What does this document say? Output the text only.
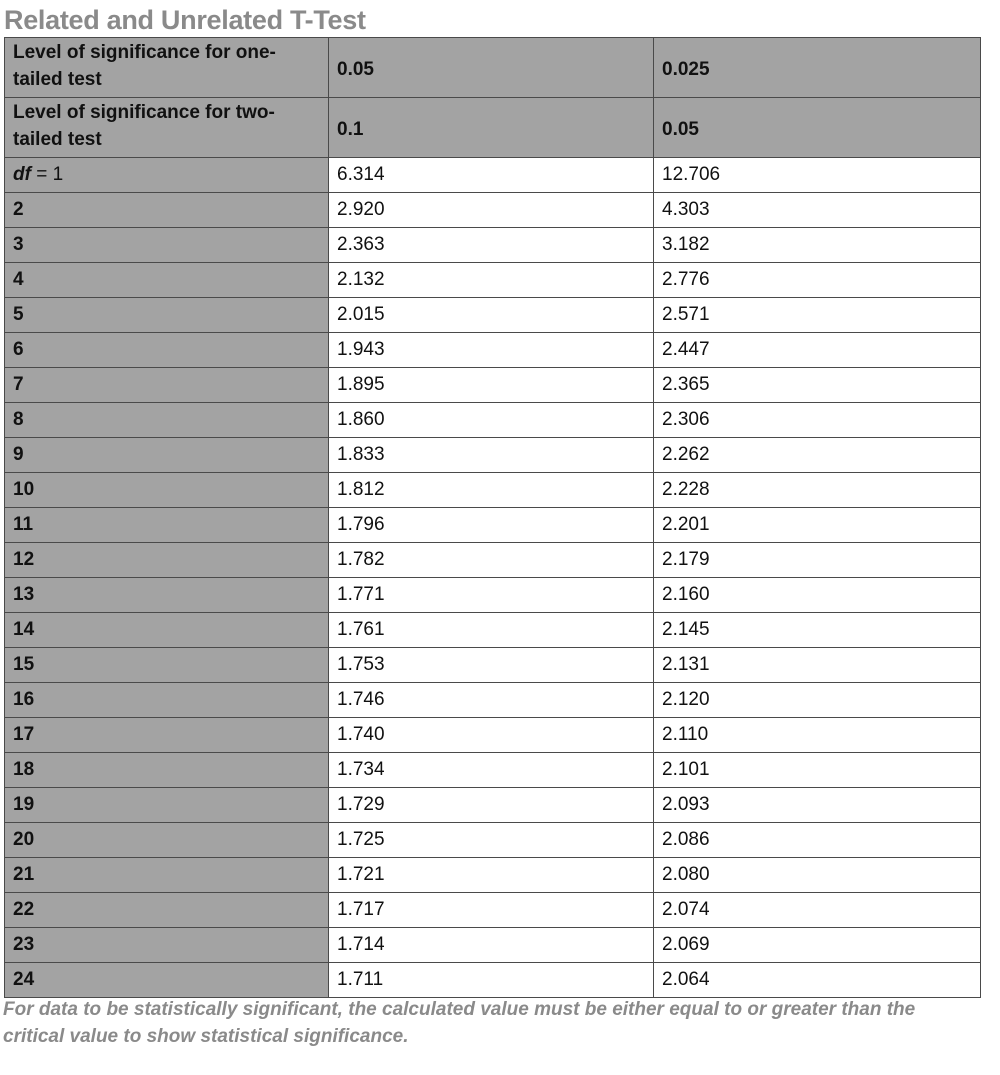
Related and Unrelated T-Test
Level of significance for one-tailed test	0.05	0.025
Level of significance for two-tailed test	0.1	0.05
df = 1	6.314	12.706
2	2.920	4.303
3	2.363	3.182
4	2.132	2.776
5	2.015	2.571
6	1.943	2.447
7	1.895	2.365
8	1.860	2.306
9	1.833	2.262
10	1.812	2.228
11	1.796	2.201
12	1.782	2.179
13	1.771	2.160
14	1.761	2.145
15	1.753	2.131
16	1.746	2.120
17	1.740	2.110
18	1.734	2.101
19	1.729	2.093
20	1.725	2.086
21	1.721	2.080
22	1.717	2.074
23	1.714	2.069
24	1.711	2.064
For data to be statistically significant, the calculated value must be either equal to or greater than the critical value to show statistical significance.
